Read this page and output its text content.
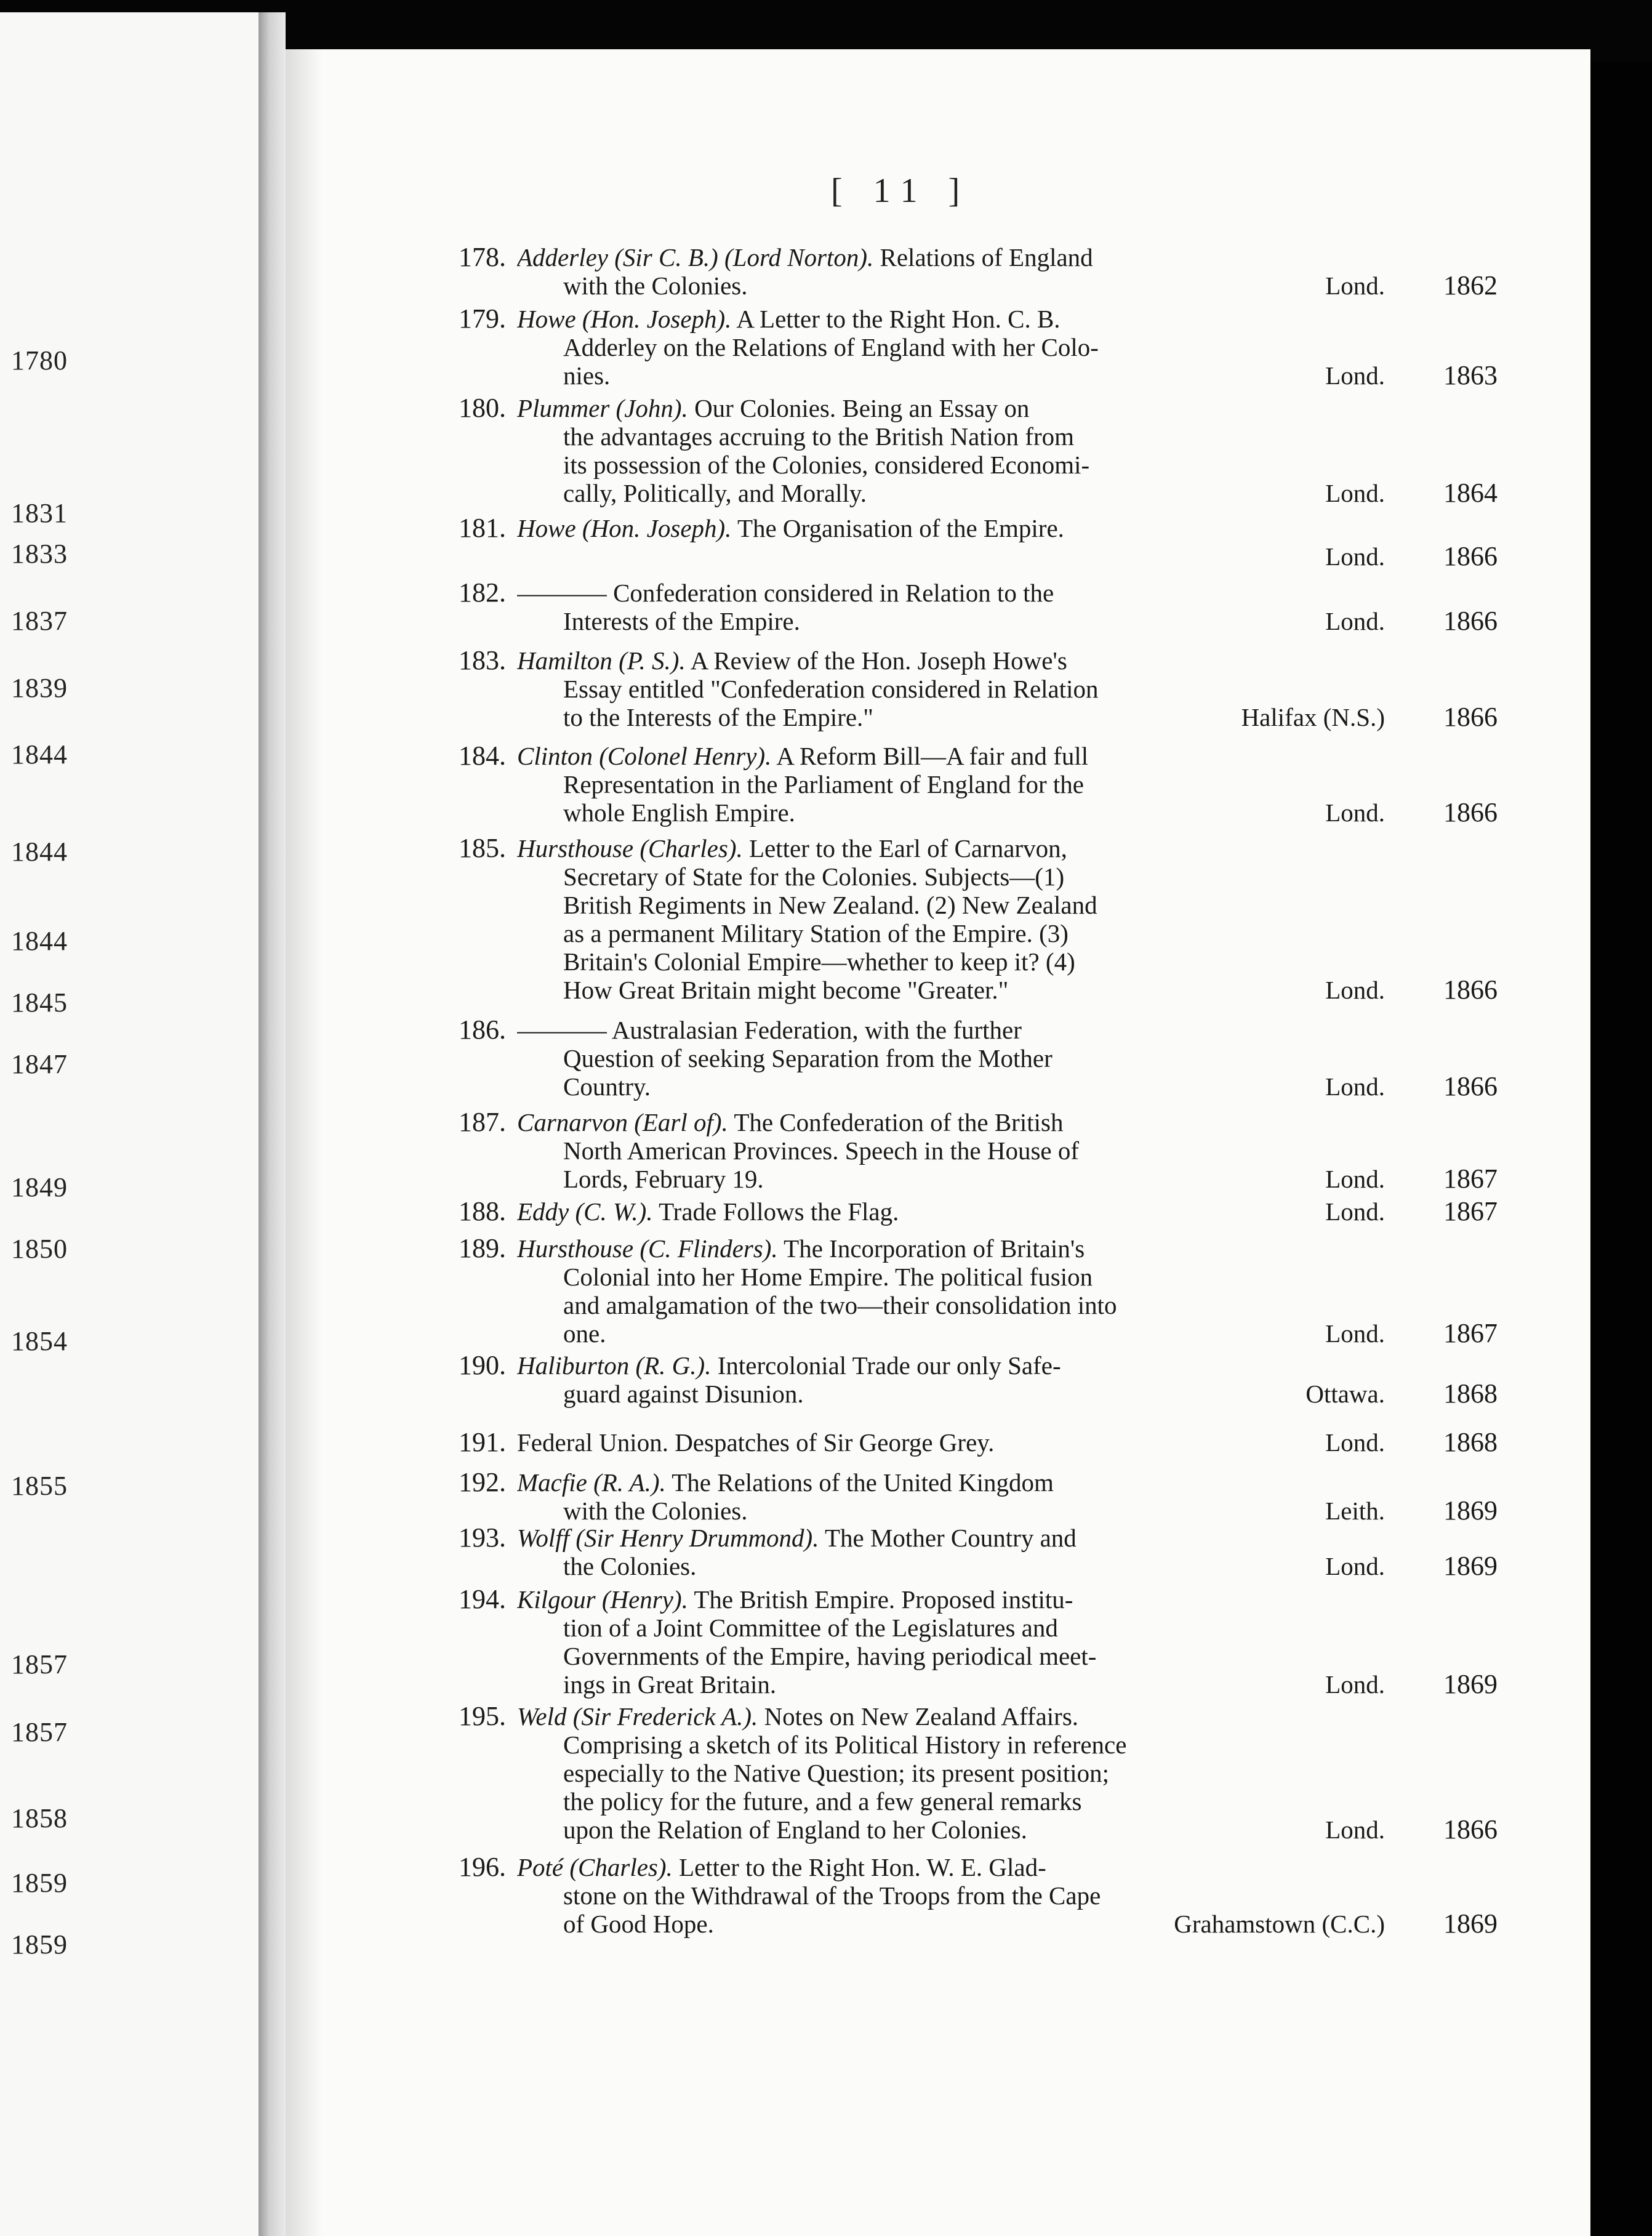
1780
1831
1833
1837
1839
1844
1844
1844
1845
1847
1849
1850
1854
1855
1857
1857
1858
1859
1859
[ 11 ]
178. Adderley (Sir C. B.) (Lord Norton). Relations of England
with the Colonies.	Lond. 1862
179. Howe (Hon. Joseph). A Letter to the Right Hon. C. B.
Adderley on the Relations of England with her Colo-
nies.	Lond. 1863
180. Plummer (John). Our Colonies. Being an Essay on
the advantages accruing to the British Nation from
its possession of the Colonies, considered Economi-
cally, Politically, and Morally.	Lond. 1864
181. Howe (Hon. Joseph). The Organisation of the Empire.
Lond. 1866
182. ———— Confederation considered in Relation to the
Interests of the Empire.	Lond. 1866
183. Hamilton (P. S.). A Review of the Hon. Joseph Howe's
Essay entitled "Confederation considered in Relation
to the Interests of the Empire."	Halifax (N.S.) 1866
184. Clinton (Colonel Henry). A Reform Bill—A fair and full
Representation in the Parliament of England for the
whole English Empire.	Lond. 1866
185. Hursthouse (Charles). Letter to the Earl of Carnarvon,
Secretary of State for the Colonies. Subjects—(1)
British Regiments in New Zealand. (2) New Zealand
as a permanent Military Station of the Empire. (3)
Britain's Colonial Empire—whether to keep it? (4)
How Great Britain might become "Greater."	Lond. 1866
186. ———— Australasian Federation, with the further
Question of seeking Separation from the Mother
Country.	Lond. 1866
187. Carnarvon (Earl of). The Confederation of the British
North American Provinces. Speech in the House of
Lords, February 19.	Lond. 1867
188. Eddy (C. W.). Trade Follows the Flag.	Lond. 1867
189. Hursthouse (C. Flinders). The Incorporation of Britain's
Colonial into her Home Empire. The political fusion
and amalgamation of the two—their consolidation into
one.	Lond. 1867
190. Haliburton (R. G.). Intercolonial Trade our only Safe-
guard against Disunion.	Ottawa. 1868
191. Federal Union. Despatches of Sir George Grey.	Lond. 1868
192. Macfie (R. A.). The Relations of the United Kingdom
with the Colonies.	Leith. 1869
193. Wolff (Sir Henry Drummond). The Mother Country and
the Colonies.	Lond. 1869
194. Kilgour (Henry). The British Empire. Proposed institu-
tion of a Joint Committee of the Legislatures and
Governments of the Empire, having periodical meet-
ings in Great Britain.	Lond. 1869
195. Weld (Sir Frederick A.). Notes on New Zealand Affairs.
Comprising a sketch of its Political History in reference
especially to the Native Question; its present position;
the policy for the future, and a few general remarks
upon the Relation of England to her Colonies.	Lond. 1866
196. Poté (Charles). Letter to the Right Hon. W. E. Glad-
stone on the Withdrawal of the Troops from the Cape
of Good Hope.	Grahamstown (C.C.) 1869
